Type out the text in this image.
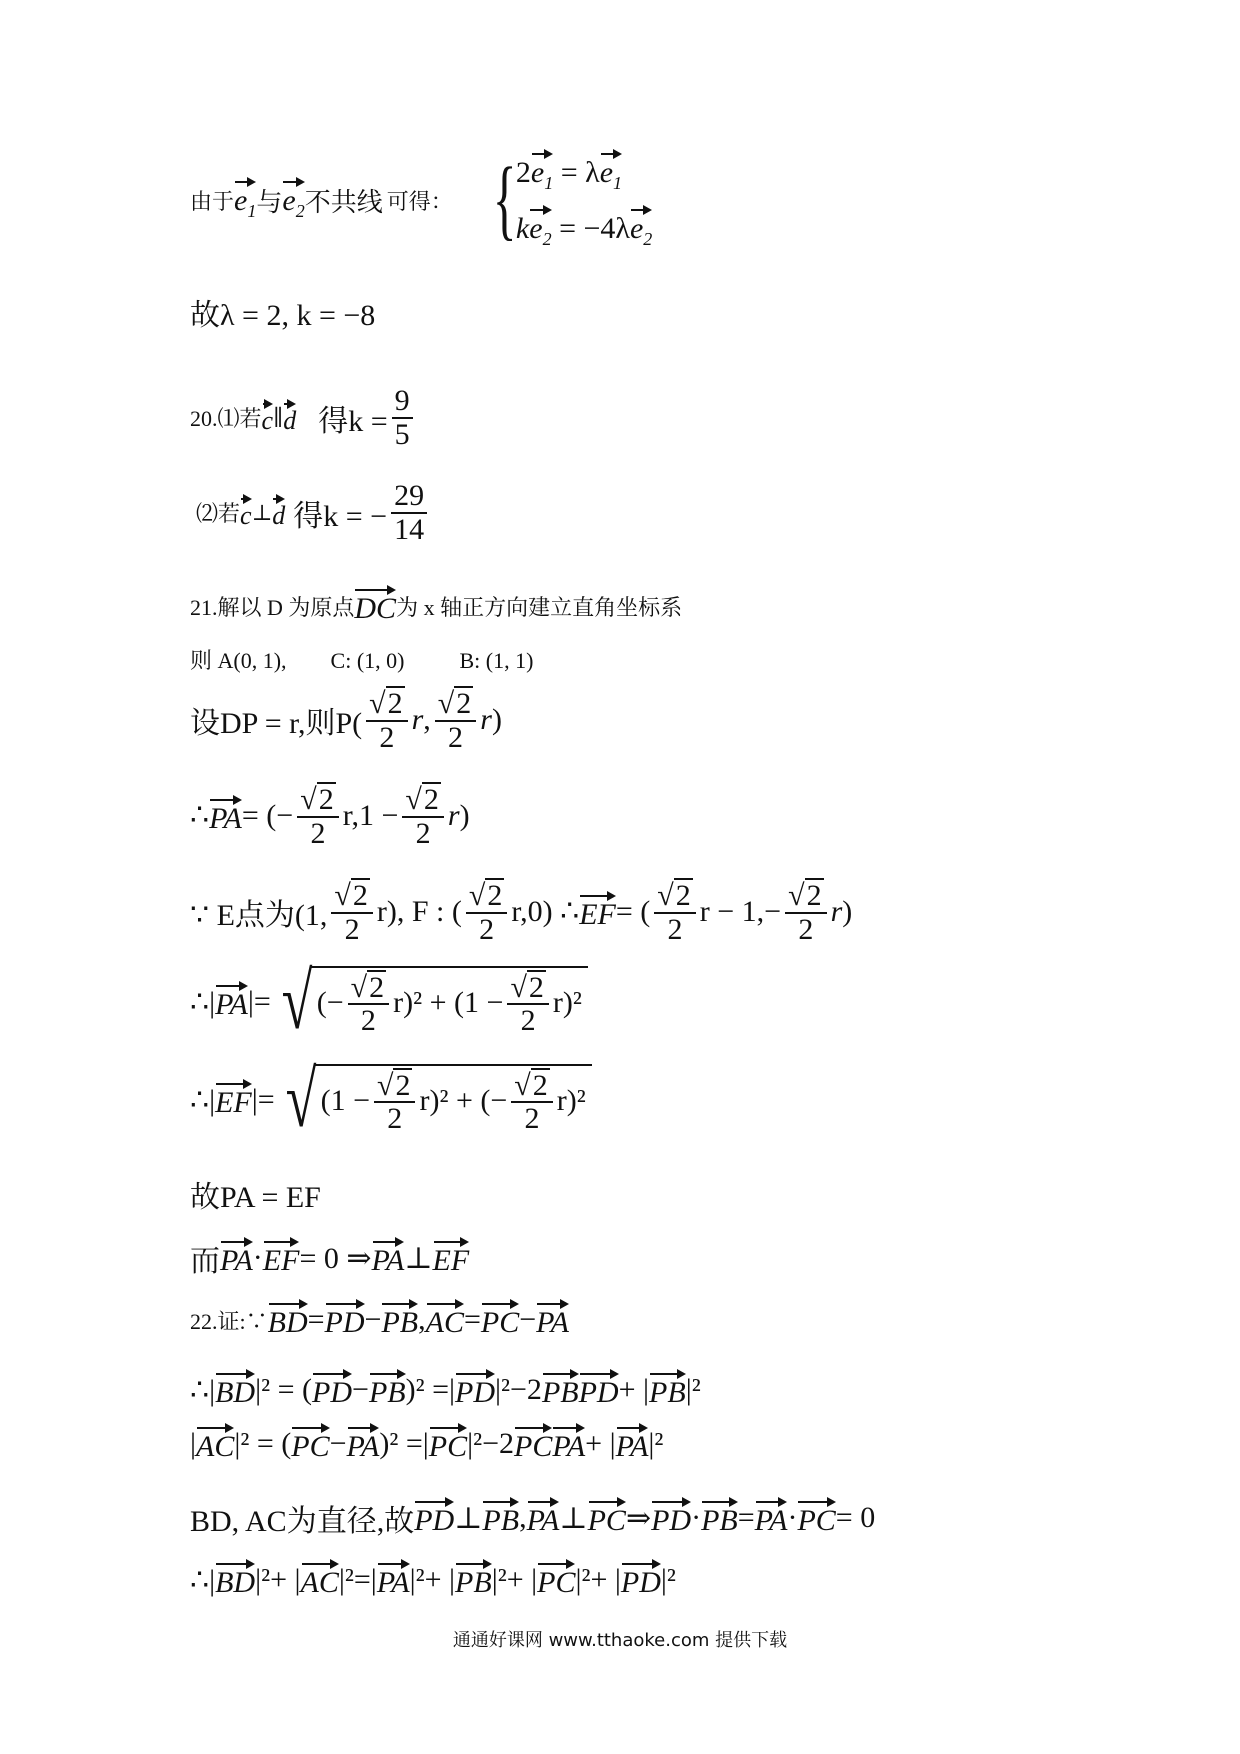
由于 $e_1$ 与 $e_2$ 不共线 可得： { $2e_1 = \lambda e_1$
$ke_2 = -4\lambda e_2$
故λ = 2, k = −8
20.⑴若 c ∥ d 得$k = \frac{9}{5}$
⑵若 c ⊥ d 得k = − $\frac{29}{14}$
21.解以 D 为原点 DC 为 x 轴正方向建立直角坐标系
则 A(0, 1),        C: (1, 0)          B: (1, 1)
设DP = r,则$P( \frac{√ 2}{2}$ r , $\frac{√ 2}{2}$ r )
∴ PA = (− $\frac{√ 2}{2} r,1 - \frac{√ 2}{2}$ r )
∵ E点为(1, $\frac{√ 2}{2} r$), F : ( $\frac{√ 2}{2} r,0$) ∴ EF = ( $\frac{√ 2}{2}$ $r - 1,- \frac{√ 2}{2}$ r )
∴| PA |= √ (− $\frac{√ 2}{2} r)^2 + (1 - \frac{√ 2}{2} r)^2$
∴| EF |= √ $(1 - \frac{√ 2}{2} r)^2$ + (− $\frac{√ 2}{2} r)^2$
故PA = EF
而 PA · EF = 0 ⇒ PA ⊥ EF
22.证:∵ BD = PD − PB , AC = PC − PA
∴| BD |² = ( PD − PB )² =| PD |² −2 PB PD + | PB |²
| AC |² = ( PC − PA )² =| PC |² −2 PC PA + | PA |²
BD, AC为直径,故 PD ⊥ PB , PA ⊥ PC ⇒ PD · PB = PA · PC = 0
∴| BD |² + | AC |² = | PA |² + | PB |² + | PC |² + | PD |²
通通好课网 www.tthaoke.com 提供下载
